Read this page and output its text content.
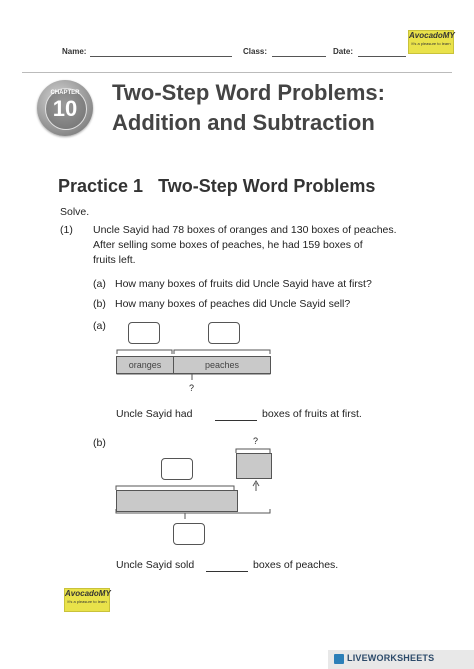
Name:	Class:	Date:
AvocadoMY
It's a pleasure to learn
CHAPTER
10
Two-Step Word Problems:
Addition and Subtraction
Practice 1   Two-Step Word Problems
Solve.
(1) Uncle Sayid had 78 boxes of oranges and 130 boxes of peaches.
After selling some boxes of peaches, he had 159 boxes of
fruits left.
(a) How many boxes of fruits did Uncle Sayid have at first?
(b) How many boxes of peaches did Uncle Sayid sell?
(a)
oranges	peaches
?
Uncle Sayid had	boxes of fruits at first.
(b)	?
Uncle Sayid sold	boxes of peaches.
AvocadoMY
It's a pleasure to learn
LIVEWORKSHEETS
